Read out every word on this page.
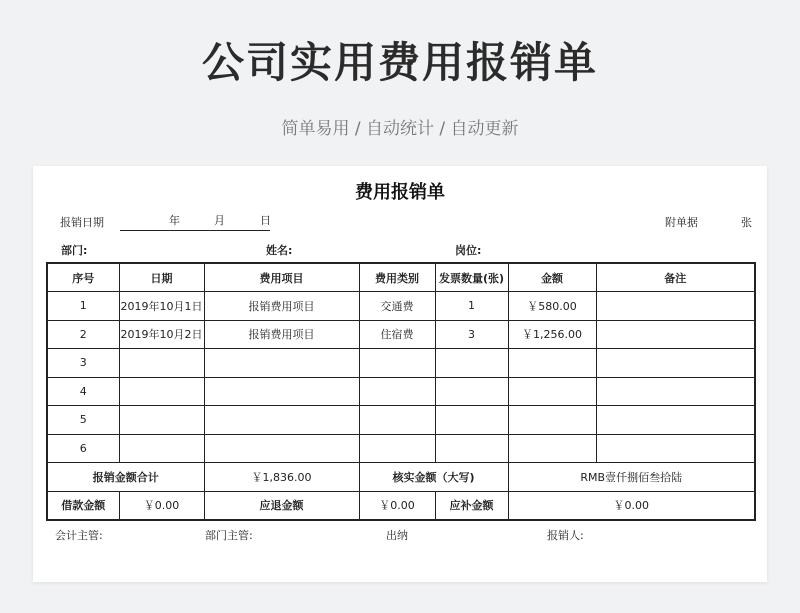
公司实用费用报销单
简单易用 / 自动统计 / 自动更新
费用报销单
报销日期	年	月	日	附单据	张
部门:	姓名:	岗位:
序号	日期	费用项目	费用类别	发票数量(张)	金额	备注
1	2019年10月1日	报销费用项目	交通费	1	￥580.00	
2	2019年10月2日	报销费用项目	住宿费	3	￥1,256.00	
3						
4						
5						
6						
报销金额合计		￥1,836.00	核实金额（大写)		RMB壹仟捌佰叁拾陆	
借款金额	￥0.00	应退金额	￥0.00	应补金额	￥0.00	
会计主管:	部门主管:	出纳	报销人:
